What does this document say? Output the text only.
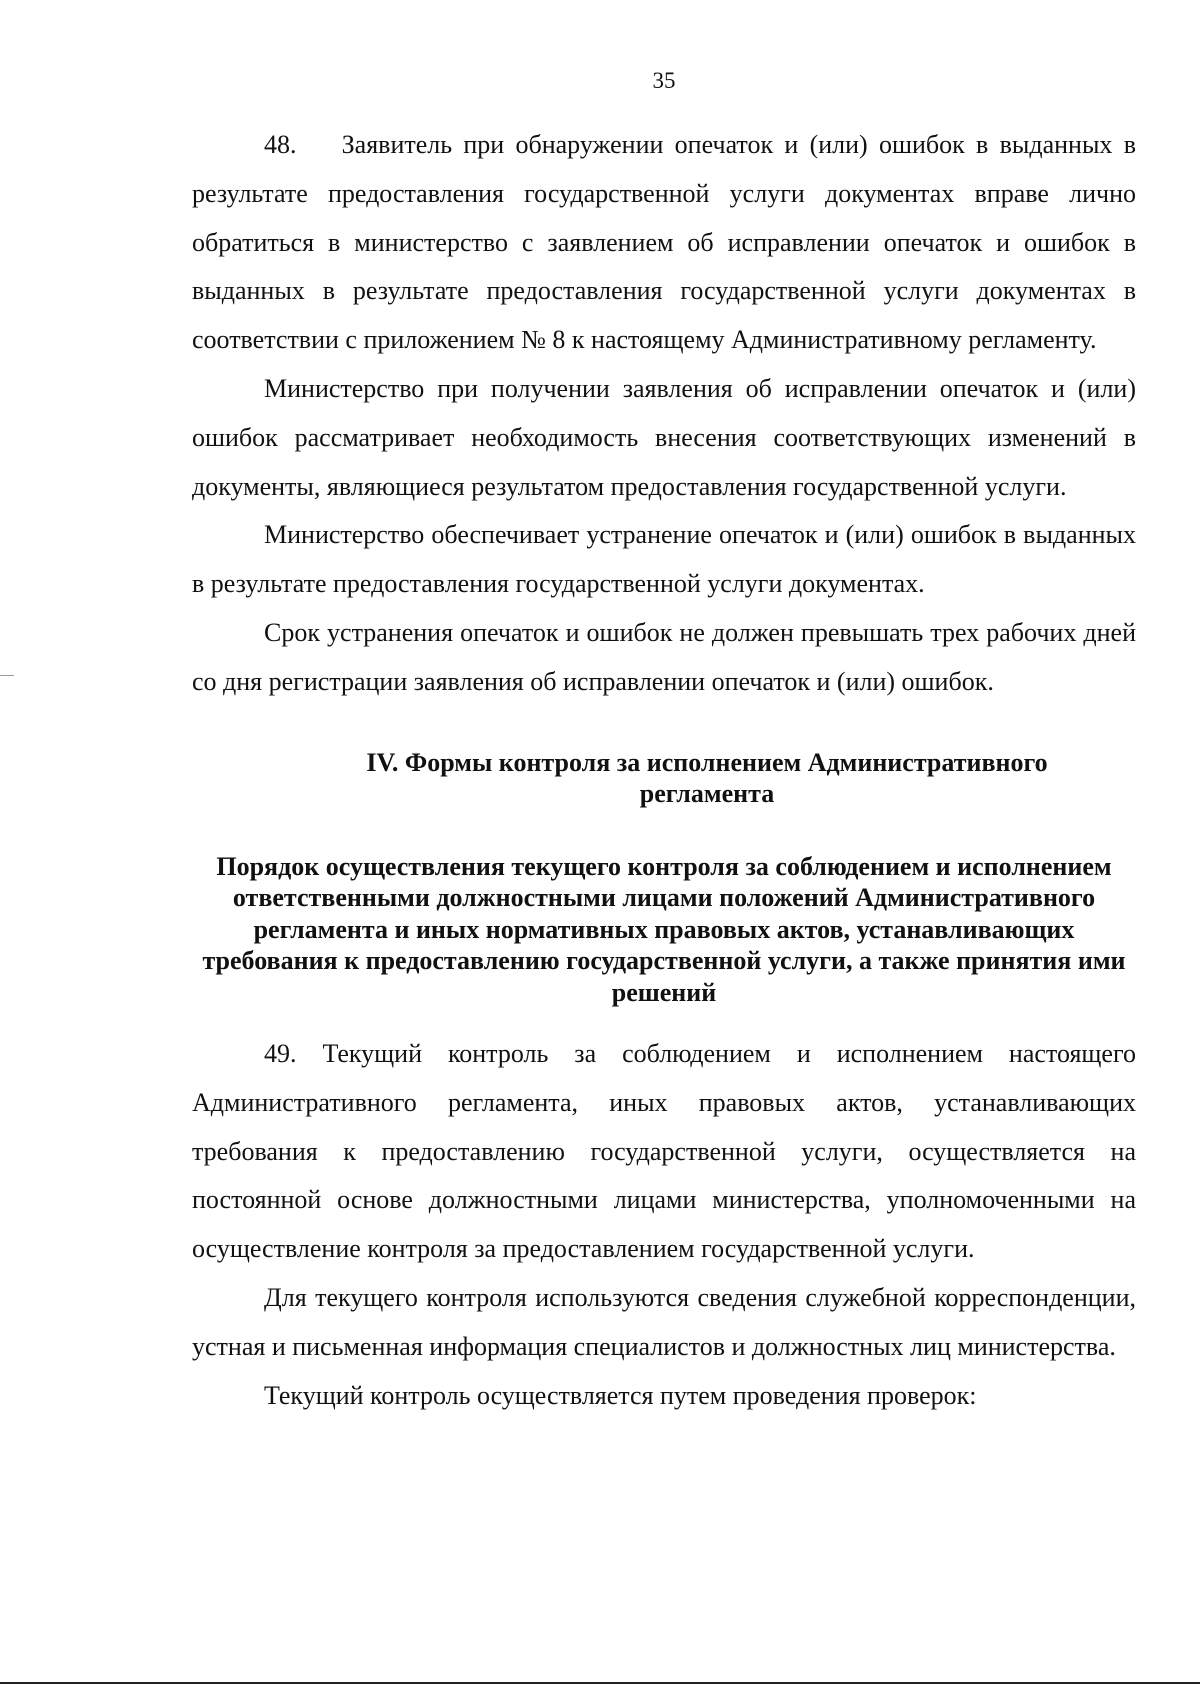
35

48.    Заявитель при обнаружении опечаток и (или) ошибок в выданных в результате предоставления государственной услуги документах вправе лично обратиться в министерство с заявлением об исправлении опечаток и ошибок в выданных в результате предоставления государственной услуги документах в соответствии с приложением № 8 к настоящему Административному регламенту.

Министерство при получении заявления об исправлении опечаток и (или) ошибок рассматривает необходимость внесения соответствующих изменений в документы, являющиеся результатом предоставления государственной услуги.

Министерство обеспечивает устранение опечаток и (или) ошибок в выданных в результате предоставления государственной услуги документах.

Срок устранения опечаток и ошибок не должен превышать трех рабочих дней со дня регистрации заявления об исправлении опечаток и (или) ошибок.

IV. Формы контроля за исполнением Административного регламента
Порядок осуществления текущего контроля за соблюдением и исполнением ответственными должностными лицами положений Административного регламента и иных нормативных правовых актов, устанавливающих требования к предоставлению государственной услуги, а также принятия ими решений

49. Текущий контроль за соблюдением и исполнением настоящего Административного регламента, иных правовых актов, устанавливающих требования к предоставлению государственной услуги, осуществляется на постоянной основе должностными лицами министерства, уполномоченными на осуществление контроля за предоставлением государственной услуги.

Для текущего контроля используются сведения служебной корреспонденции, устная и письменная информация специалистов и должностных лиц министерства.

Текущий контроль осуществляется путем проведения проверок:
